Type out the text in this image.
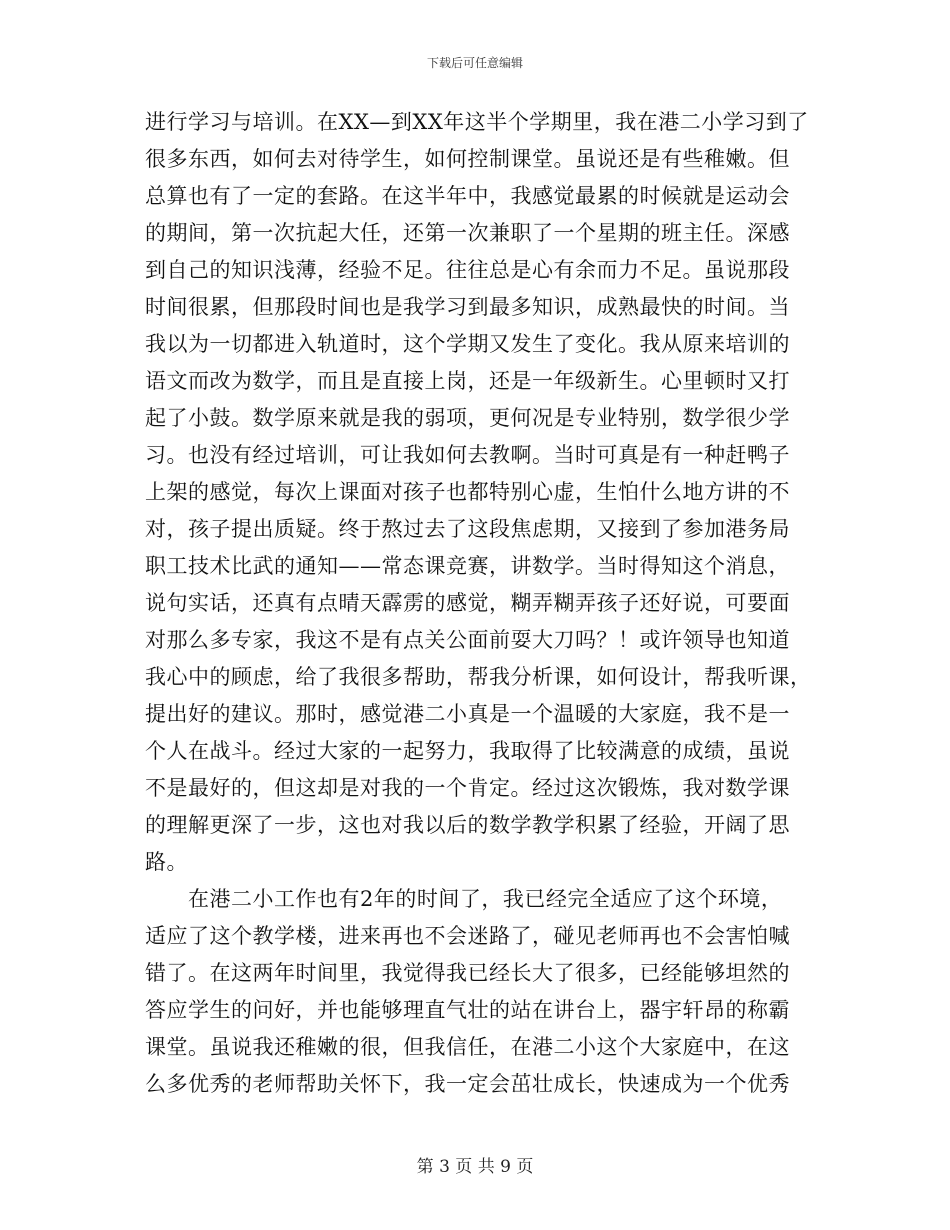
下载后可任意编辑
进行学习与培训。在XX—到XX年这半个学期里，我在港二小学习到了
很多东西，如何去对待学生，如何控制课堂。虽说还是有些稚嫩。但
总算也有了一定的套路。在这半年中，我感觉最累的时候就是运动会
的期间，第一次抗起大任，还第一次兼职了一个星期的班主任。深感
到自己的知识浅薄，经验不足。往往总是心有余而力不足。虽说那段
时间很累，但那段时间也是我学习到最多知识，成熟最快的时间。当
我以为一切都进入轨道时，这个学期又发生了变化。我从原来培训的
语文而改为数学，而且是直接上岗，还是一年级新生。心里顿时又打
起了小鼓。数学原来就是我的弱项，更何况是专业特别，数学很少学
习。也没有经过培训，可让我如何去教啊。当时可真是有一种赶鸭子
上架的感觉，每次上课面对孩子也都特别心虚，生怕什么地方讲的不
对，孩子提出质疑。终于熬过去了这段焦虑期，又接到了参加港务局
职工技术比武的通知——常态课竞赛，讲数学。当时得知这个消息，
说句实话，还真有点晴天霹雳的感觉，糊弄糊弄孩子还好说，可要面
对那么多专家，我这不是有点关公面前耍大刀吗？！或许领导也知道
我心中的顾虑，给了我很多帮助，帮我分析课，如何设计，帮我听课，
提出好的建议。那时，感觉港二小真是一个温暖的大家庭，我不是一
个人在战斗。经过大家的一起努力，我取得了比较满意的成绩，虽说
不是最好的，但这却是对我的一个肯定。经过这次锻炼，我对数学课
的理解更深了一步，这也对我以后的数学教学积累了经验，开阔了思
路。
　　在港二小工作也有2年的时间了，我已经完全适应了这个环境，
适应了这个教学楼，进来再也不会迷路了，碰见老师再也不会害怕喊
错了。在这两年时间里，我觉得我已经长大了很多，已经能够坦然的
答应学生的问好，并也能够理直气壮的站在讲台上，器宇轩昂的称霸
课堂。虽说我还稚嫩的很，但我信任，在港二小这个大家庭中，在这
么多优秀的老师帮助关怀下，我一定会茁壮成长，快速成为一个优秀
第 3 页 共 9 页
